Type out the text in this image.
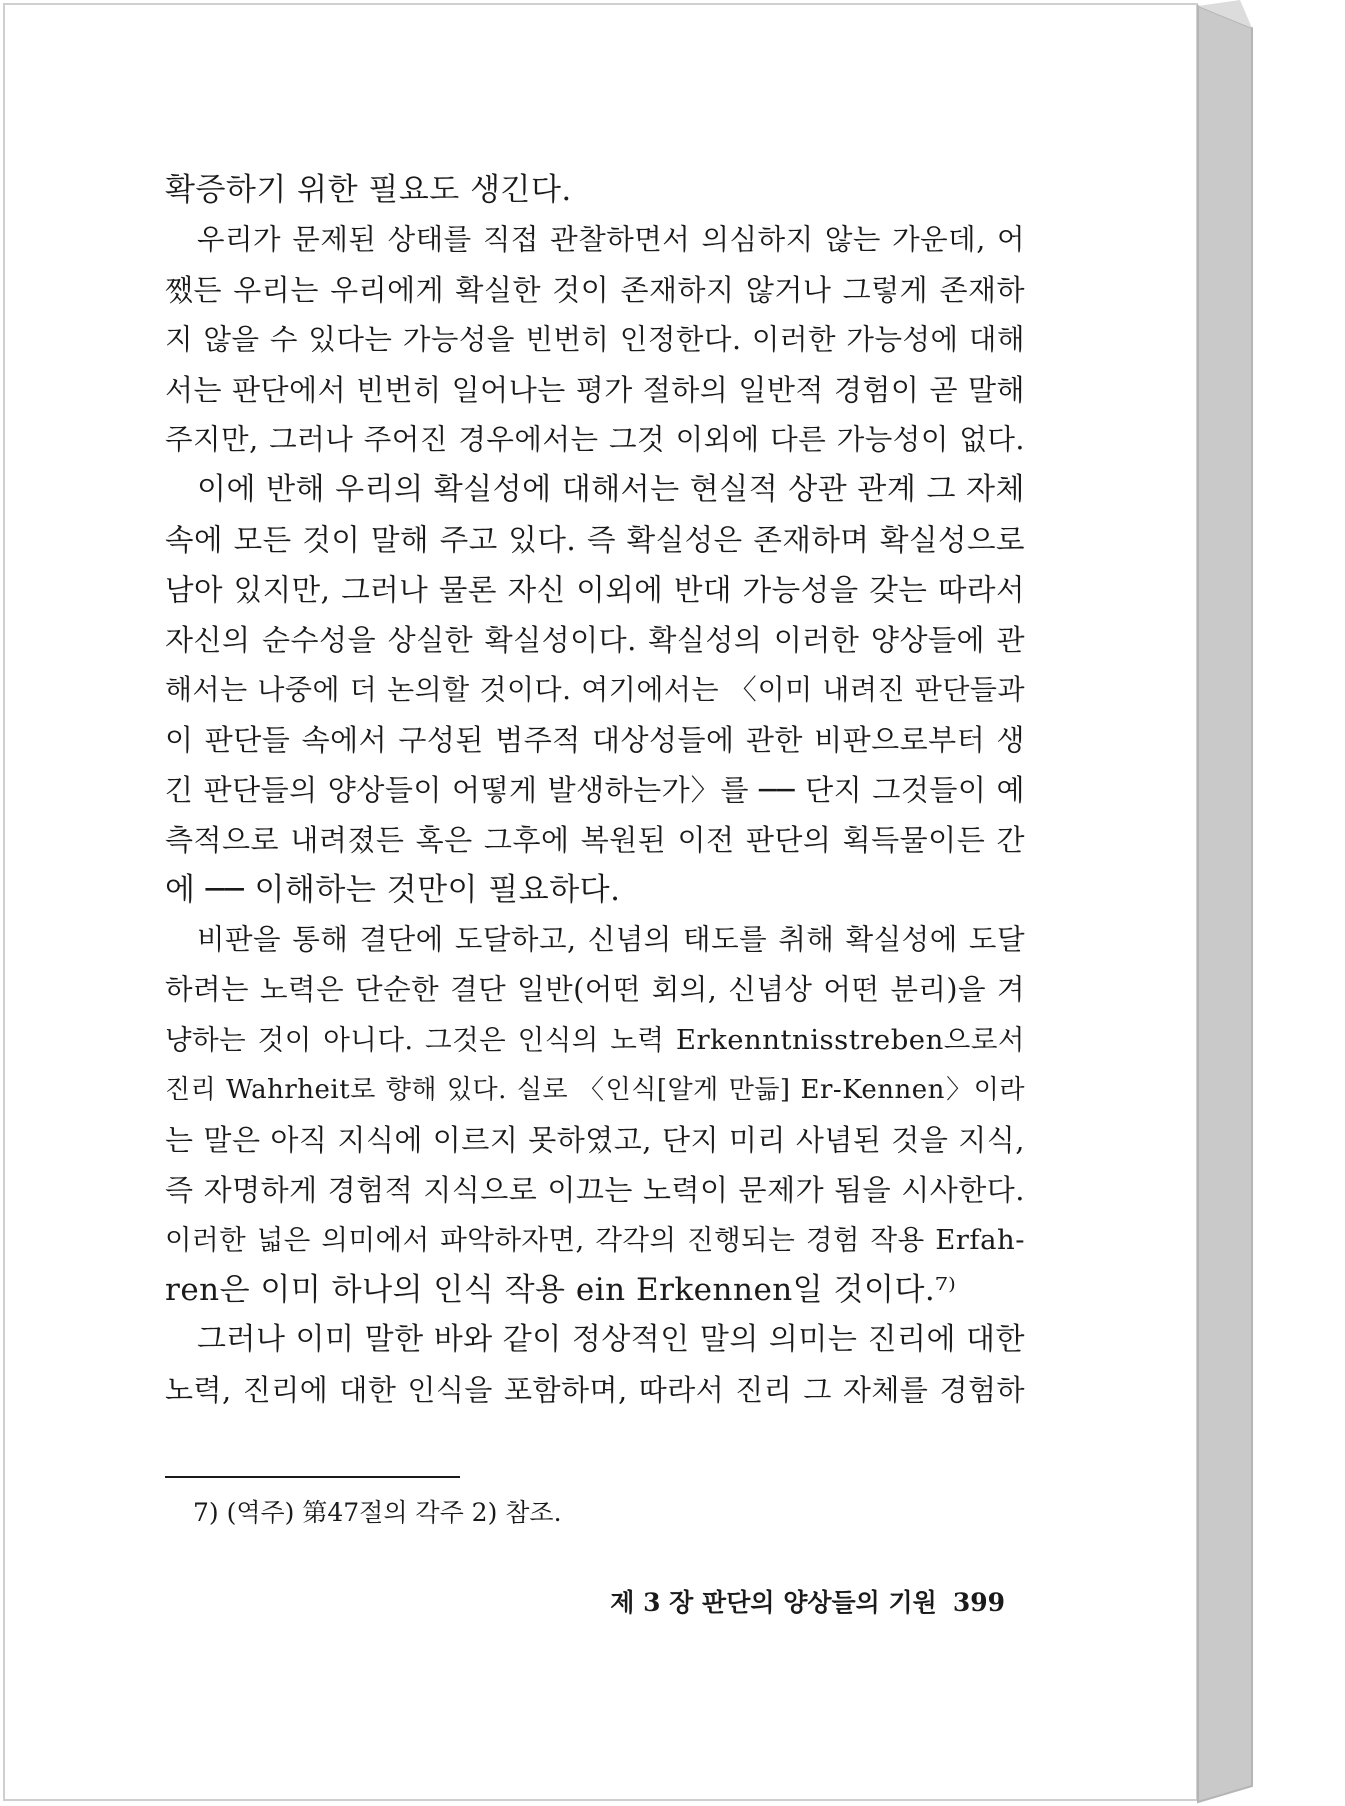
확증하기 위한 필요도 생긴다.
우리가 문제된 상태를 직접 관찰하면서 의심하지 않는 가운데, 어
쨌든 우리는 우리에게 확실한 것이 존재하지 않거나 그렇게 존재하
지 않을 수 있다는 가능성을 빈번히 인정한다. 이러한 가능성에 대해
서는 판단에서 빈번히 일어나는 평가 절하의 일반적 경험이 곧 말해
주지만, 그러나 주어진 경우에서는 그것 이외에 다른 가능성이 없다.
이에 반해 우리의 확실성에 대해서는 현실적 상관 관계 그 자체
속에 모든 것이 말해 주고 있다. 즉 확실성은 존재하며 확실성으로
남아 있지만, 그러나 물론 자신 이외에 반대 가능성을 갖는 따라서
자신의 순수성을 상실한 확실성이다. 확실성의 이러한 양상들에 관
해서는 나중에 더 논의할 것이다. 여기에서는 〈이미 내려진 판단들과
이 판단들 속에서 구성된 범주적 대상성들에 관한 비판으로부터 생
긴 판단들의 양상들이 어떻게 발생하는가〉를 ── 단지 그것들이 예
측적으로 내려졌든 혹은 그후에 복원된 이전 판단의 획득물이든 간
에 ── 이해하는 것만이 필요하다.
비판을 통해 결단에 도달하고, 신념의 태도를 취해 확실성에 도달
하려는 노력은 단순한 결단 일반(어떤 회의, 신념상 어떤 분리)을 겨
냥하는 것이 아니다. 그것은 인식의 노력 Erkenntnisstreben으로서
진리 Wahrheit로 향해 있다. 실로 〈인식[알게 만듦] Er-Kennen〉이라
는 말은 아직 지식에 이르지 못하였고, 단지 미리 사념된 것을 지식,
즉 자명하게 경험적 지식으로 이끄는 노력이 문제가 됨을 시사한다.
이러한 넓은 의미에서 파악하자면, 각각의 진행되는 경험 작용 Erfah-
ren은 이미 하나의 인식 작용 ein Erkennen일 것이다.⁷⁾
그러나 이미 말한 바와 같이 정상적인 말의 의미는 진리에 대한
노력, 진리에 대한 인식을 포함하며, 따라서 진리 그 자체를 경험하
7) (역주) 第47절의 각주 2) 참조.
제 3 장 판단의 양상들의 기원 399
